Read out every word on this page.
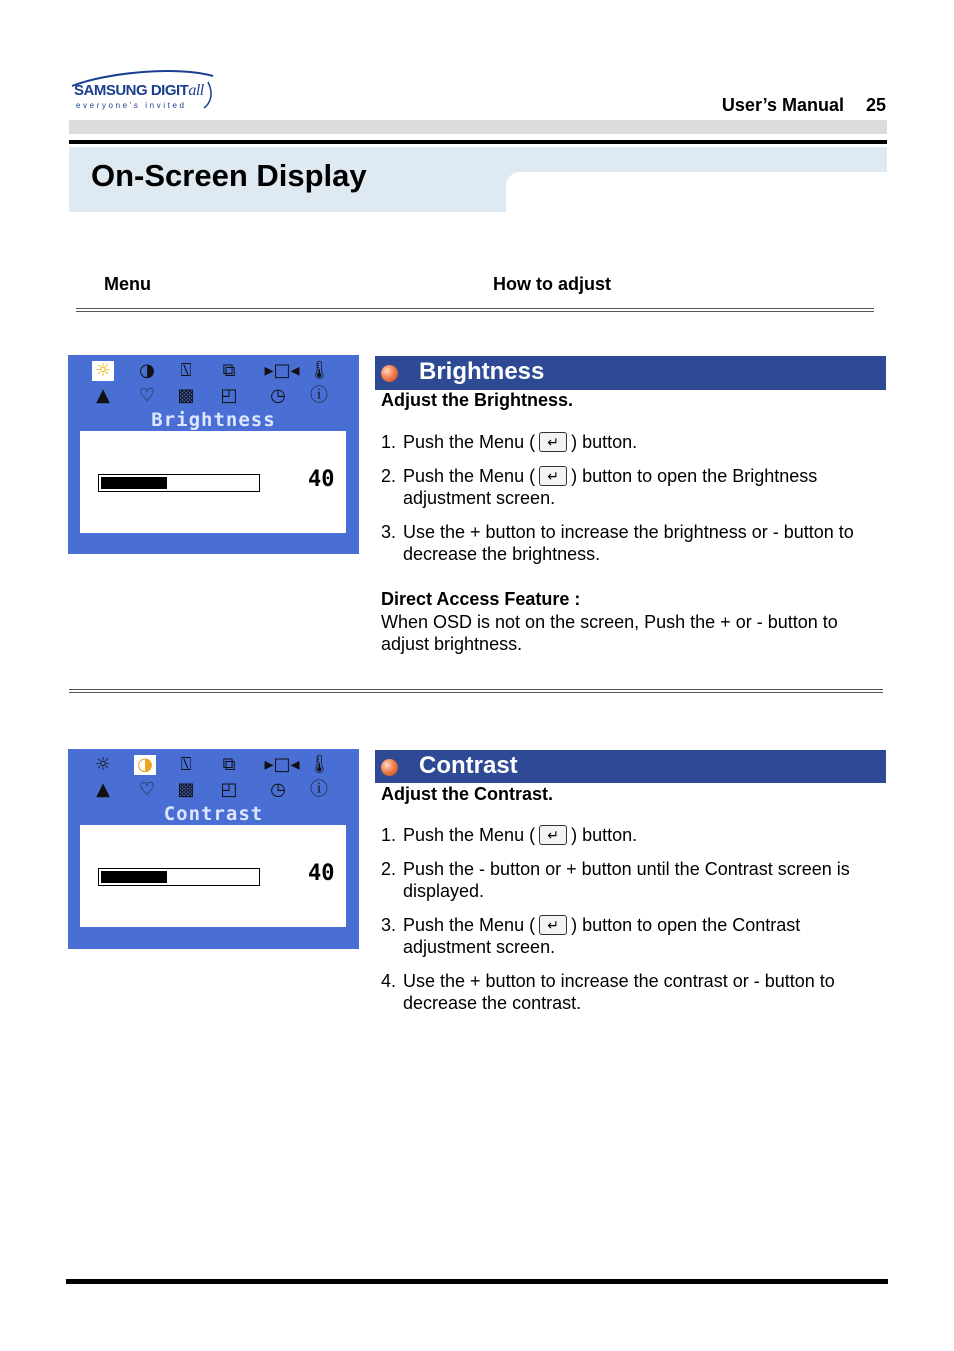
SAMSUNG DIGITall
everyone's invited	User’s Manual 25
On-Screen Display
Menu	How to adjust
☼ ◑	⍂	⧉ ▸□◂ 🌡
▲ ♡ ▩ ◰ ◷ ⓘ
Brightness
40
Brightness
Adjust the Brightness.
1. Push the Menu ( ↵ ) button.
2. Push the Menu ( ↵ ) button to open the Brightness adjustment screen.
3. Use the + button to increase the brightness or - button to decrease the brightness.
Direct Access Feature :
When OSD is not on the screen, Push the + or - button to adjust brightness.
☼ ◑	⍂	⧉ ▸□◂ 🌡
▲ ♡ ▩ ◰ ◷ ⓘ
Contrast
40
Contrast
Adjust the Contrast.
1. Push the Menu ( ↵ ) button.
2. Push the - button or + button until the Contrast screen is displayed.
3. Push the Menu ( ↵ ) button to open the Contrast adjustment screen.
4. Use the + button to increase the contrast or - button to decrease the contrast.
